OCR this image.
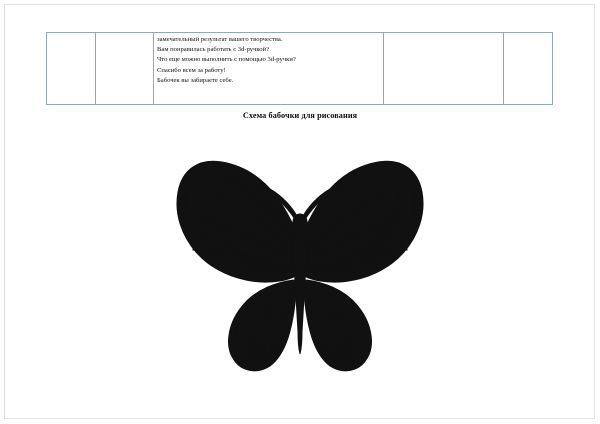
замечательный результат вашего творчества.
Вам понравилась работать с 3d-ручкой?
Что еще можно выполнить с помощью 3d-ручки?
Спасибо всем за работу!
Бабочек вы забираете себе.

Схема бабочки для рисования
